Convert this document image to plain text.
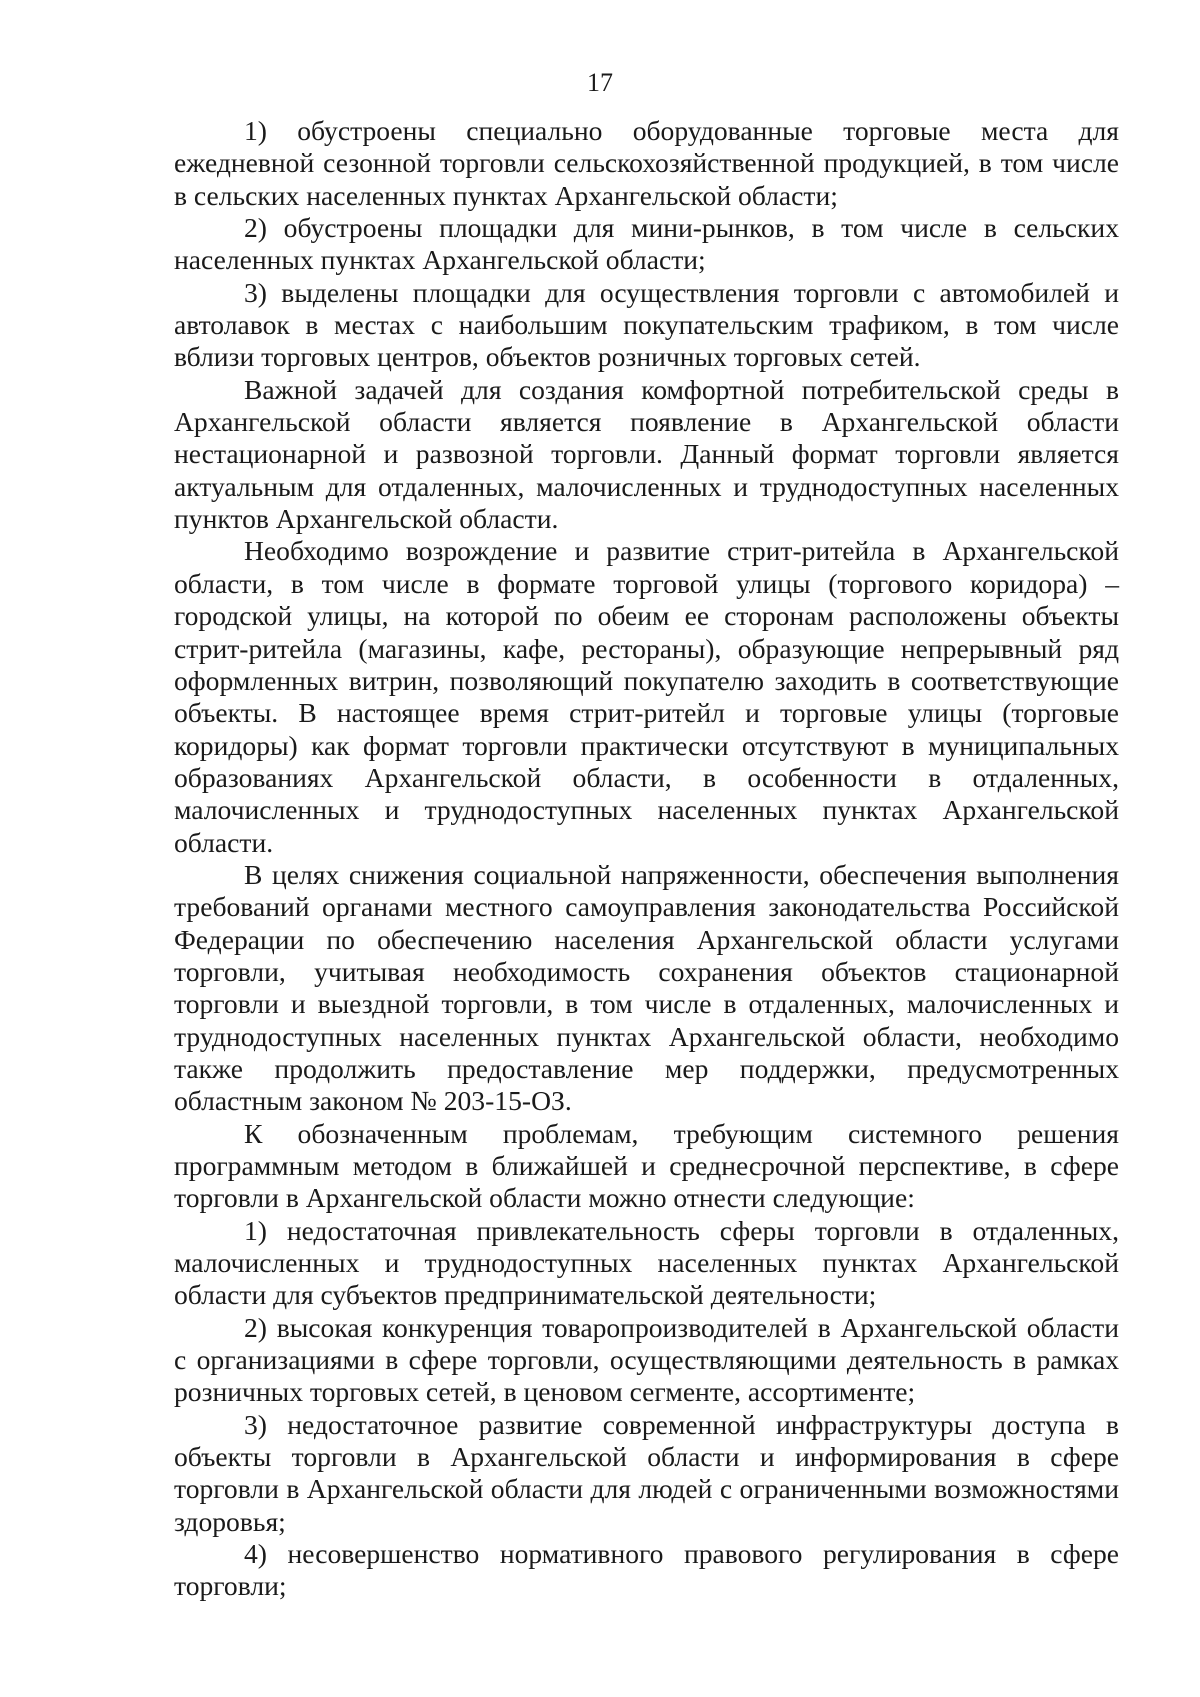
17

1) обустроены специально оборудованные торговые места для ежедневной сезонной торговли сельскохозяйственной продукцией, в том числе в сельских населенных пунктах Архангельской области;

2) обустроены площадки для мини-рынков, в том числе в сельских населенных пунктах Архангельской области;

3) выделены площадки для осуществления торговли с автомобилей и автолавок в местах с наибольшим покупательским трафиком, в том числе вблизи торговых центров, объектов розничных торговых сетей.

Важной задачей для создания комфортной потребительской среды в Архангельской области является появление в Архангельской области нестационарной и развозной торговли. Данный формат торговли является актуальным для отдаленных, малочисленных и труднодоступных населенных пунктов Архангельской области.

Необходимо возрождение и развитие стрит-ритейла в Архангельской области, в том числе в формате торговой улицы (торгового коридора) – городской улицы, на которой по обеим ее сторонам расположены объекты стрит-ритейла (магазины, кафе, рестораны), образующие непрерывный ряд оформленных витрин, позволяющий покупателю заходить в соответствующие объекты. В настоящее время стрит-ритейл и торговые улицы (торговые коридоры) как формат торговли практически отсутствуют в муниципальных образованиях Архангельской области, в особенности в отдаленных, малочисленных и труднодоступных населенных пунктах Архангельской области.

В целях снижения социальной напряженности, обеспечения выполнения требований органами местного самоуправления законодательства Российской Федерации по обеспечению населения Архангельской области услугами торговли, учитывая необходимость сохранения объектов стационарной торговли и выездной торговли, в том числе в отдаленных, малочисленных и труднодоступных населенных пунктах Архангельской области, необходимо также продолжить предоставление мер поддержки, предусмотренных областным законом № 203-15-ОЗ.

К обозначенным проблемам, требующим системного решения программным методом в ближайшей и среднесрочной перспективе, в сфере торговли в Архангельской области можно отнести следующие:

1) недостаточная привлекательность сферы торговли в отдаленных, малочисленных и труднодоступных населенных пунктах Архангельской области для субъектов предпринимательской деятельности;

2) высокая конкуренция товаропроизводителей в Архангельской области с организациями в сфере торговли, осуществляющими деятельность в рамках розничных торговых сетей, в ценовом сегменте, ассортименте;

3) недостаточное развитие современной инфраструктуры доступа в объекты торговли в Архангельской области и информирования в сфере торговли в Архангельской области для людей с ограниченными возможностями здоровья;

4) несовершенство нормативного правового регулирования в сфере торговли;
